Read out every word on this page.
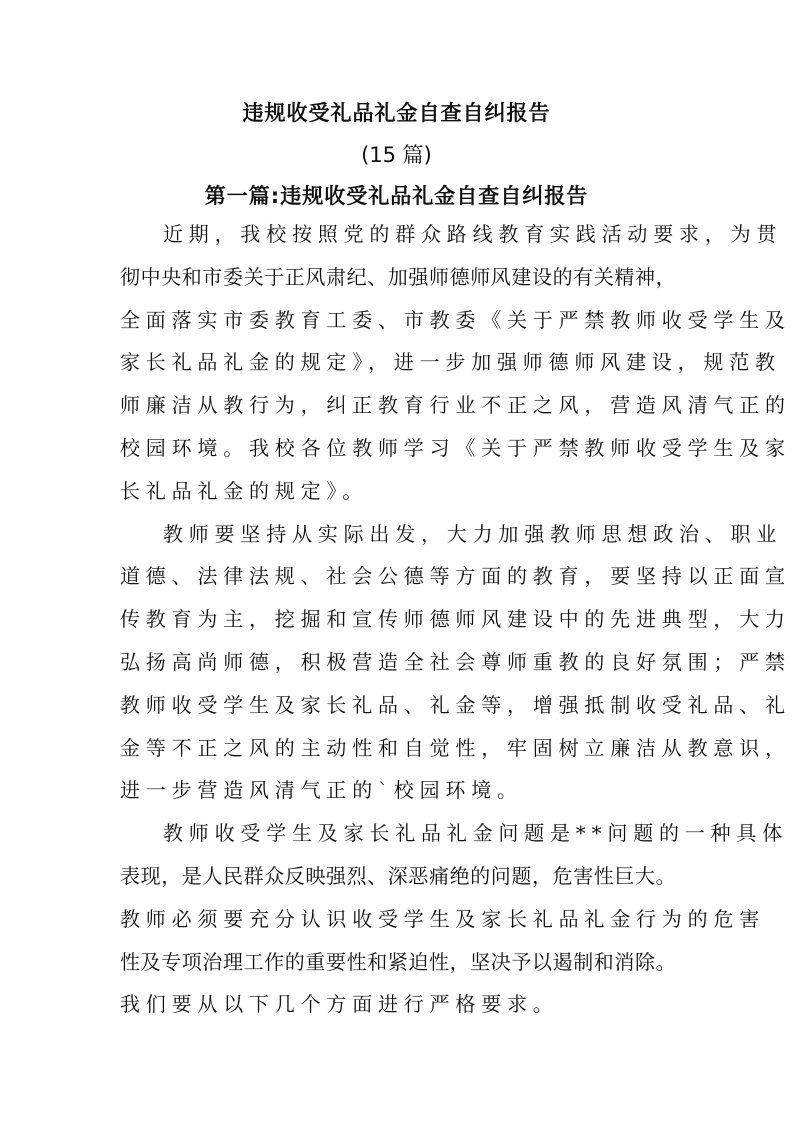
违规收受礼品礼金自查自纠报告
(15 篇)
第一篇:违规收受礼品礼金自查自纠报告
近期，我校按照党的群众路线教育实践活动要求，为贯
彻中央和市委关于正风肃纪、加强师德师风建设的有关精神，
全面落实市委教育工委、市教委《关于严禁教师收受学生及
家长礼品礼金的规定》，进一步加强师德师风建设，规范教
师廉洁从教行为，纠正教育行业不正之风，营造风清气正的
校园环境。我校各位教师学习《关于严禁教师收受学生及家
长礼品礼金的规定》。
教师要坚持从实际出发，大力加强教师思想政治、职业
道德、法律法规、社会公德等方面的教育，要坚持以正面宣
传教育为主，挖掘和宣传师德师风建设中的先进典型，大力
弘扬高尚师德，积极营造全社会尊师重教的良好氛围；严禁
教师收受学生及家长礼品、礼金等，增强抵制收受礼品、礼
金等不正之风的主动性和自觉性，牢固树立廉洁从教意识，
进一步营造风清气正的`校园环境。
教师收受学生及家长礼品礼金问题是**问题的一种具体
表现，是人民群众反映强烈、深恶痛绝的问题，危害性巨大。
教师必须要充分认识收受学生及家长礼品礼金行为的危害
性及专项治理工作的重要性和紧迫性，坚决予以遏制和消除。
我们要从以下几个方面进行严格要求。
